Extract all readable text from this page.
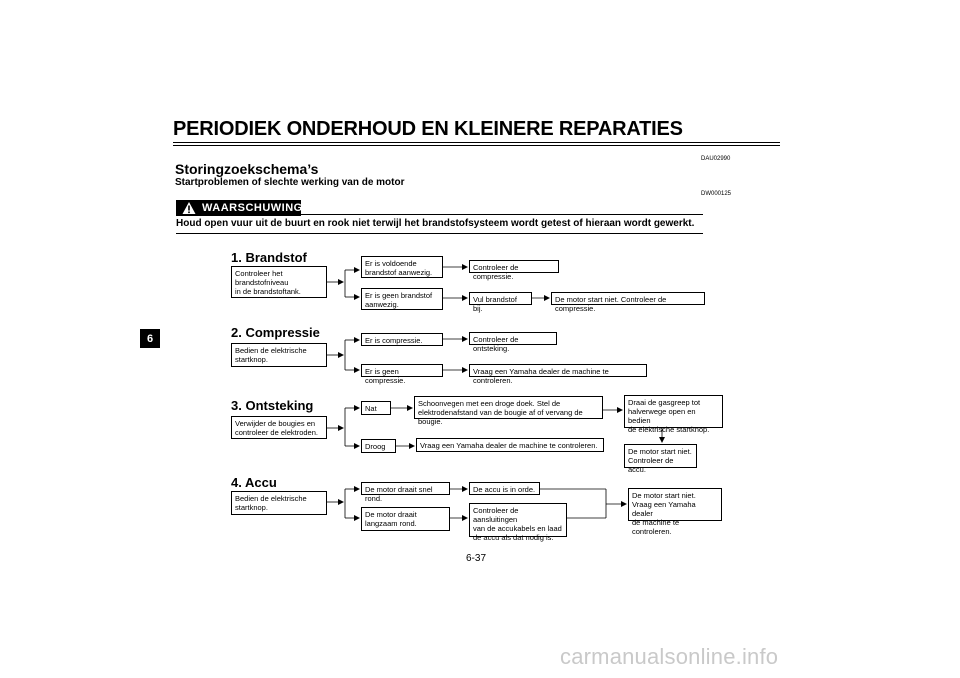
PERIODIEK ONDERHOUD EN KLEINERE REPARATIES
DAU02990
Storingzoekschema’s
Startproblemen of slechte werking van de motor
DW000125
WAARSCHUWING
Houd open vuur uit de buurt en rook niet terwijl het brandstofsysteem wordt getest of hieraan wordt gewerkt.
6
1. Brandstof
Controleer het
brandstofniveau
in de brandstoftank.
Er is voldoende
brandstof aanwezig.
Controleer de compressie.
Er is geen brandstof
aanwezig.
Vul brandstof bij.
De motor start niet. Controleer de compressie.
2. Compressie
Bedien de elektrische
startknop.
Er is compressie.	Controleer de ontsteking.
Er is geen compressie.
Vraag een Yamaha dealer de machine te controleren.
3. Ontsteking
Verwijder de bougies en
controleer de elektroden.
Nat
Schoonvegen met een droge doek. Stel de
elektrodenafstand van de bougie af of vervang de bougie.
Draai de gasgreep tot
halverwege open en bedien
de elektrische startknop.
De motor start niet.
Controleer de accu.
Droog	Vraag een Yamaha dealer de machine te controleren.
4. Accu
Bedien de elektrische
startknop.
De motor draait snel rond.
De accu is in orde.
De motor draait
langzaam rond.
Controleer de aansluitingen
van de accukabels en laad
de accu als dat nodig is.
De motor start niet.
Vraag een Yamaha dealer
de machine te controleren.
6-37
carmanualsonline.info
